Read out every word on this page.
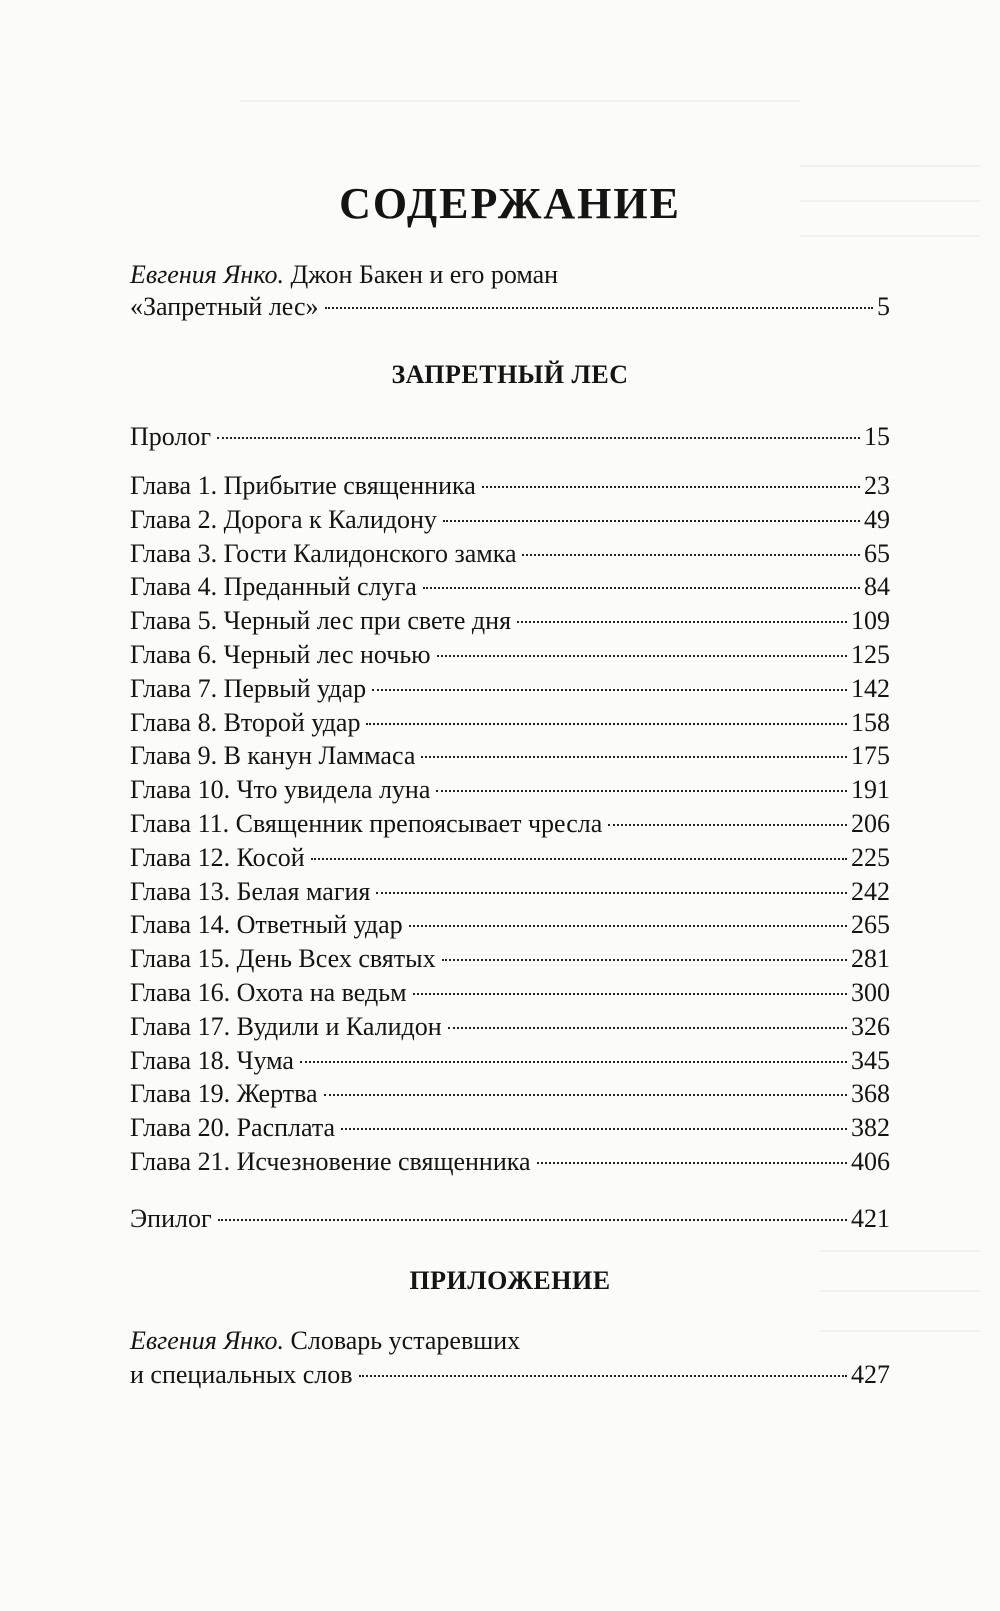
СОДЕРЖАНИЕ
Евгения Янко. Джон Бакен и его роман
«Запретный лес»	5
ЗАПРЕТНЫЙ ЛЕС
Пролог	15
Глава 1. Прибытие священника	23
Глава 2. Дорога к Калидону	49
Глава 3. Гости Калидонского замка	65
Глава 4. Преданный слуга	84
Глава 5. Черный лес при свете дня	109
Глава 6. Черный лес ночью	125
Глава 7. Первый удар	142
Глава 8. Второй удар	158
Глава 9. В канун Ламмаса	175
Глава 10. Что увидела луна	191
Глава 11. Священник препоясывает чресла	206
Глава 12. Косой	225
Глава 13. Белая магия	242
Глава 14. Ответный удар	265
Глава 15. День Всех святых	281
Глава 16. Охота на ведьм	300
Глава 17. Вудили и Калидон	326
Глава 18. Чума	345
Глава 19. Жертва	368
Глава 20. Расплата	382
Глава 21. Исчезновение священника	406
Эпилог	421
ПРИЛОЖЕНИЕ
Евгения Янко. Словарь устаревших
и специальных слов	427
